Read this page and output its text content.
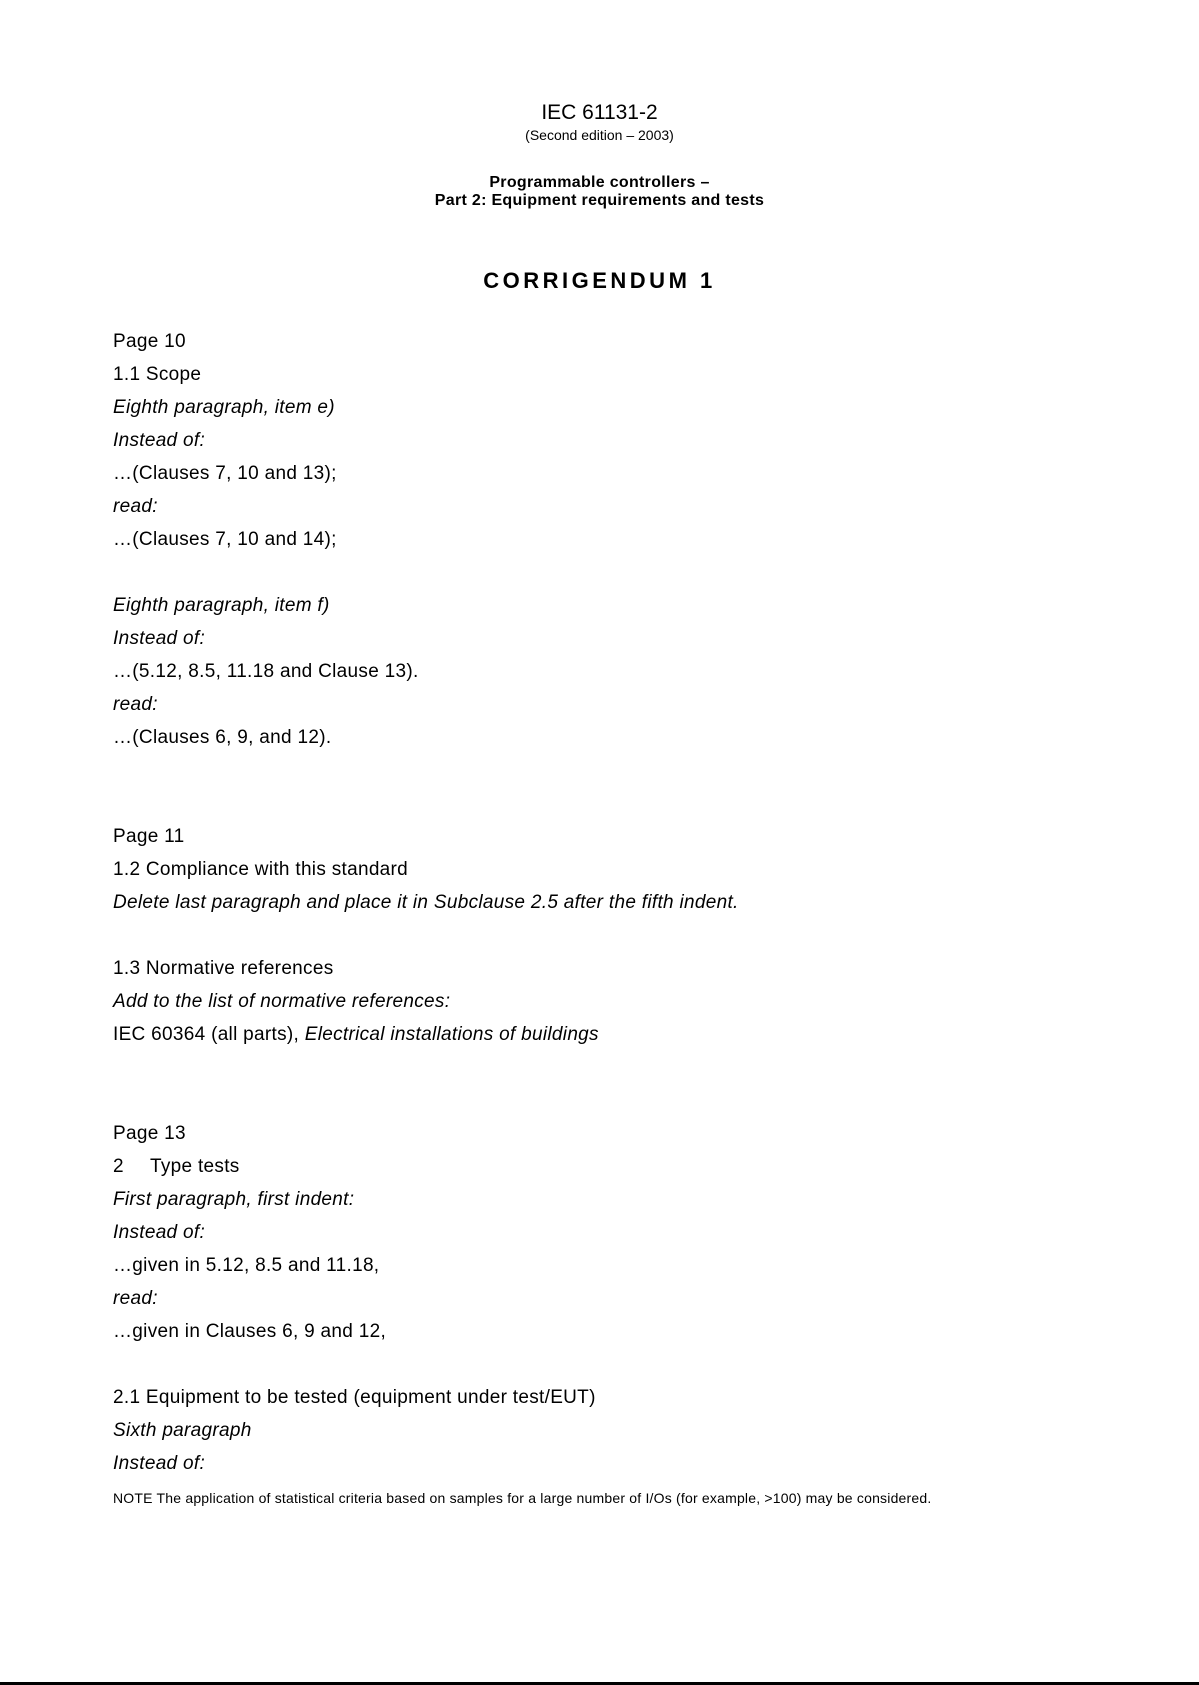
IEC 61131-2
(Second edition – 2003)
Programmable controllers –
Part 2: Equipment requirements and tests
CORRIGENDUM 1
Page 10
1.1 Scope
Eighth paragraph, item e)
Instead of:
…(Clauses 7, 10 and 13);
read:
…(Clauses 7, 10 and 14);
Eighth paragraph, item f)
Instead of:
…(5.12, 8.5, 11.18 and Clause 13).
read:
…(Clauses 6, 9, and 12).
Page 11
1.2 Compliance with this standard
Delete last paragraph and place it in Subclause 2.5 after the fifth indent.
1.3 Normative references
Add to the list of normative references:
IEC 60364 (all parts), Electrical installations of buildings
Page 13
2 Type tests
First paragraph, first indent:
Instead of:
…given in 5.12, 8.5 and 11.18,
read:
…given in Clauses 6, 9 and 12,
2.1 Equipment to be tested (equipment under test/EUT)
Sixth paragraph
Instead of:
NOTE The application of statistical criteria based on samples for a large number of I/Os (for example, >100) may be considered.
